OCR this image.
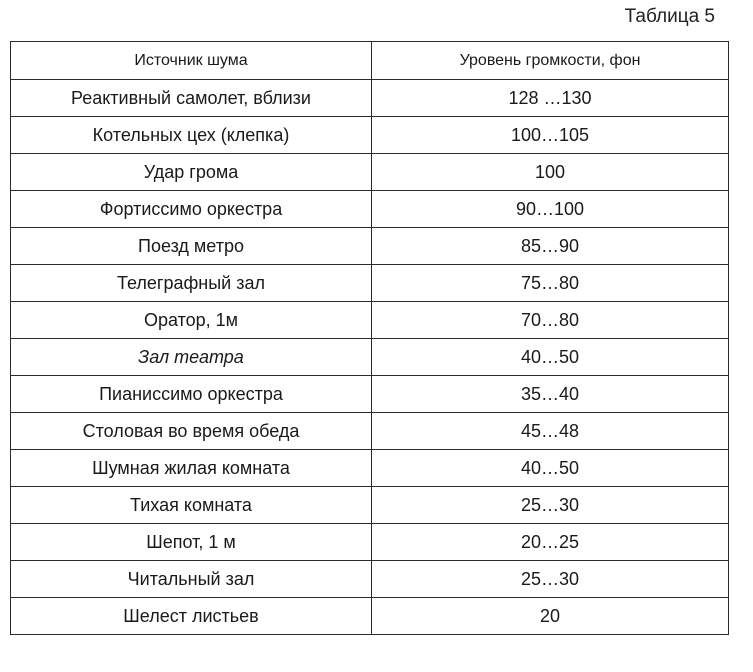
Таблица 5
Источник шума	Уровень громкости, фон
Реактивный самолет, вблизи	128 …130
Котельных цех (клепка)	100…105
Удар грома	100
Фортиссимо оркестра	90…100
Поезд метро	85…90
Телеграфный зал	75…80
Оратор, 1м	70…80
Зал театра	40…50
Пианиссимо оркестра	35…40
Столовая во время обеда	45…48
Шумная жилая комната	40…50
Тихая комната	25…30
Шепот, 1 м	20…25
Читальный зал	25…30
Шелест листьев	20
